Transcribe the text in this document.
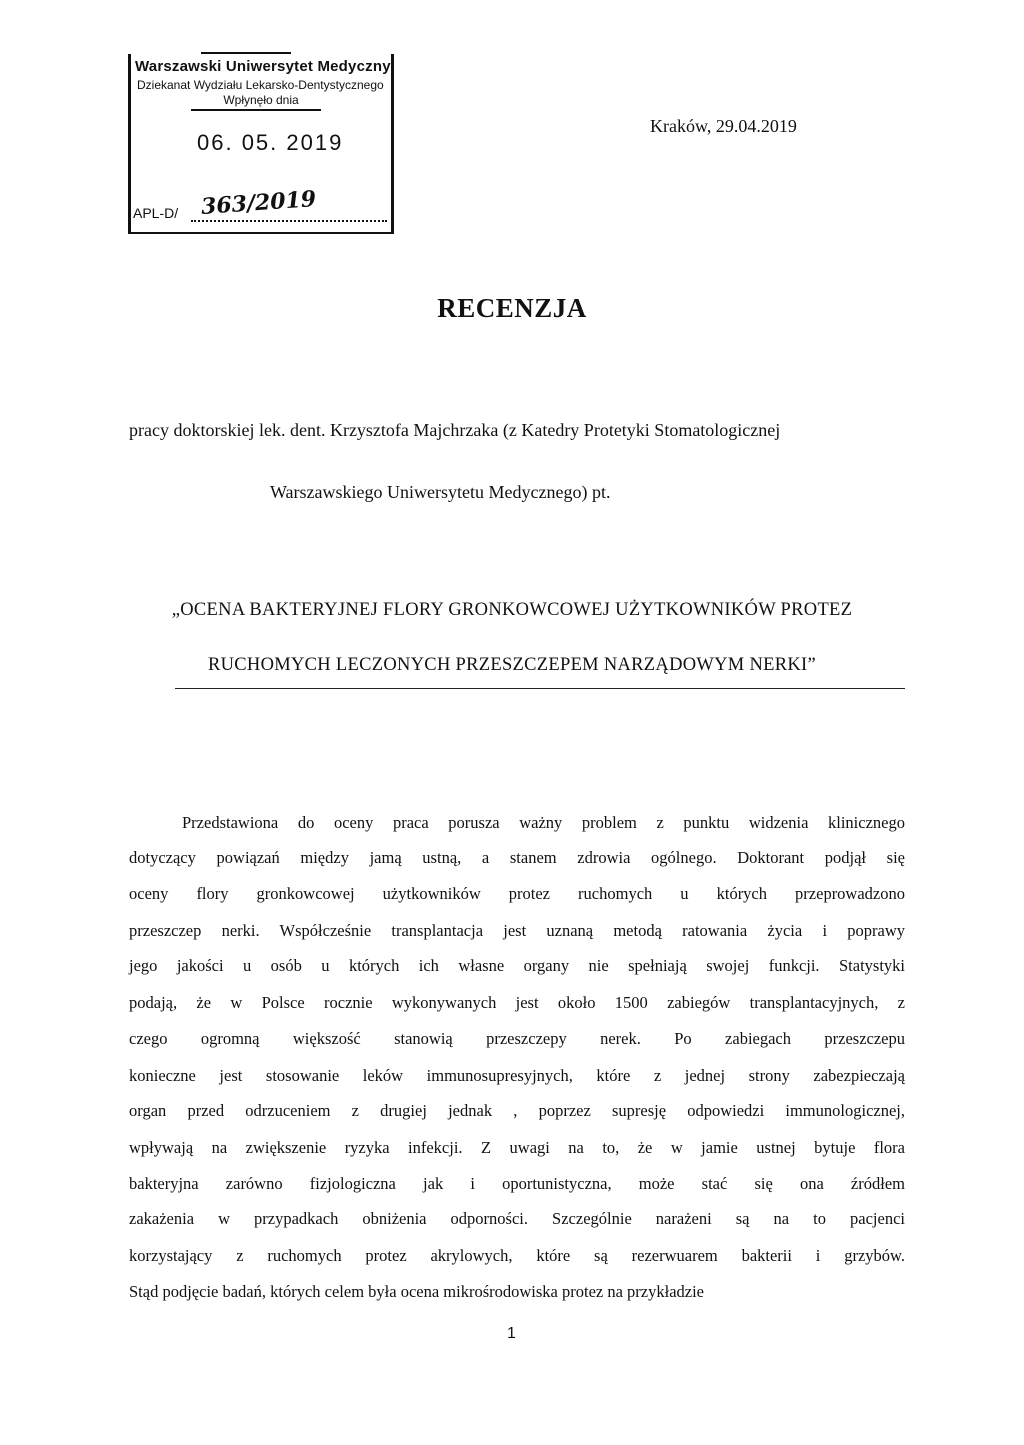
Warszawski Uniwersytet Medyczny
Dziekanat Wydziału Lekarsko-Dentystycznego
Wpłynęło dnia
06. 05. 2019
APL-D/ 363/2019
Kraków, 29.04.2019
RECENZJA
pracy doktorskiej lek. dent. Krzysztofa Majchrzaka (z Katedry Protetyki Stomatologicznej
Warszawskiego Uniwersytetu Medycznego) pt.
„OCENA BAKTERYJNEJ FLORY GRONKOWCOWEJ UŻYTKOWNIKÓW PROTEZ
RUCHOMYCH LECZONYCH PRZESZCZEPEM NARZĄDOWYM NERKI”
Przedstawiona do oceny praca porusza ważny problem z punktu widzenia klinicznego
dotyczący powiązań między jamą ustną, a stanem zdrowia ogólnego. Doktorant podjął się
oceny flory gronkowcowej użytkowników protez ruchomych u których przeprowadzono
przeszczep nerki. Współcześnie transplantacja jest uznaną metodą ratowania życia i poprawy
jego jakości u osób u których ich własne organy nie spełniają swojej funkcji. Statystyki
podają, że w Polsce rocznie wykonywanych jest około 1500 zabiegów transplantacyjnych, z
czego ogromną większość stanowią przeszczepy nerek. Po zabiegach przeszczepu
konieczne jest stosowanie leków immunosupresyjnych, które z jednej strony zabezpieczają
organ przed odrzuceniem z drugiej jednak , poprzez supresję odpowiedzi immunologicznej,
wpływają na zwiększenie ryzyka infekcji. Z uwagi na to, że w jamie ustnej bytuje flora
bakteryjna zarówno fizjologiczna jak i oportunistyczna, może stać się ona źródłem
zakażenia w przypadkach obniżenia odporności. Szczególnie narażeni są na to pacjenci
korzystający z ruchomych protez akrylowych, które są rezerwuarem bakterii i grzybów.
Stąd podjęcie badań, których celem była ocena mikrośrodowiska protez na przykładzie
1
